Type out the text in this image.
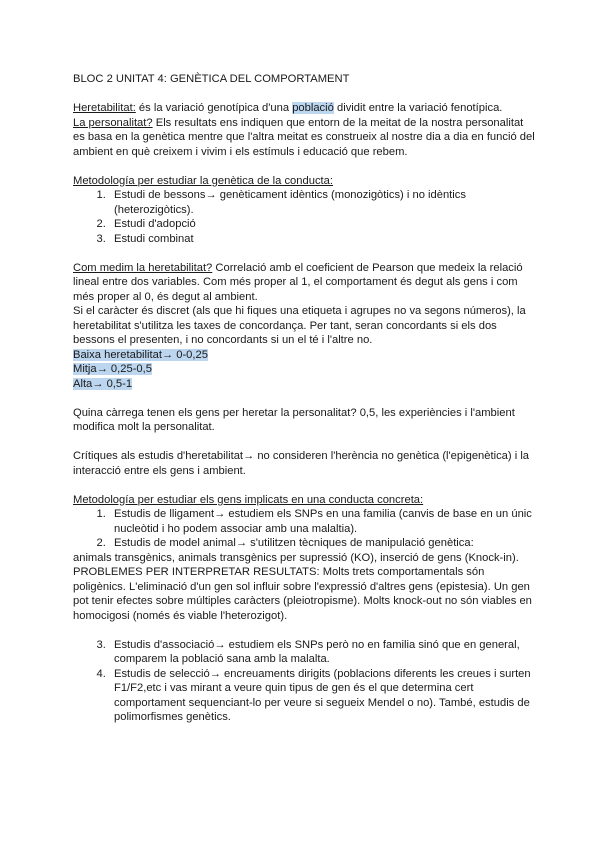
BLOC 2 UNITAT 4: GENÈTICA DEL COMPORTAMENT

Heretabilitat: és la variació genotípica d'una població dividit entre la variació fenotípica.

La personalitat? Els resultats ens indiquen que entorn de la meitat de la nostra personalitat es basa en la genètica mentre que l'altra meitat es construeix al nostre dia a dia en funció del ambient en què creixem i vivim i els estímuls i educació que rebem.

Metodología per estudiar la genètica de la conducta:

1. Estudi de bessons→ genèticament idèntics (monozigòtics) i no idèntics (heterozigòtics).
2. Estudi d'adopció
3. Estudi combinat

Com medim la heretabilitat? Correlació amb el coeficient de Pearson que medeix la relació lineal entre dos variables. Com més proper al 1, el comportament és degut als gens i com més proper al 0, és degut al ambient.

Si el caràcter és discret (als que hi fiques una etiqueta i agrupes no va segons números), la heretabilitat s'utilitza les taxes de concordança. Per tant, seran concordants si els dos bessons el presenten, i no concordants si un el té i l'altre no.

Baixa heretabilitat→ 0-0,25

Mitja→ 0,25-0,5

Alta→ 0,5-1

Quina càrrega tenen els gens per heretar la personalitat? 0,5, les experiències i l'ambient modifica molt la personalitat.

Crítiques als estudis d'heretabilitat→ no consideren l'herència no genètica (l'epigenètica) i la interacció entre els gens i ambient.

Metodología per estudiar els gens implicats en una conducta concreta:

1. Estudis de lligament→ estudiem els SNPs en una familia (canvis de base en un únic nucleòtid i ho podem associar amb una malaltia).
2. Estudis de model animal→ s'utilitzen tècniques de manipulació genètica:

animals transgènics, animals transgènics per supressió (KO), inserció de gens (Knock-in). PROBLEMES PER INTERPRETAR RESULTATS: Molts trets comportamentals són poligènics. L'eliminació d'un gen sol influir sobre l'expressió d'altres gens (epistesia). Un gen pot tenir efectes sobre múltiples caràcters (pleiotropisme). Molts knock-out no són viables en homocigosi (només és viable l'heterozigot).

3. Estudis d'associació→ estudiem els SNPs però no en familia sinó que en general, comparem la població sana amb la malalta.
4. Estudis de selecció→ encreuaments dirigits (poblacions diferents les creues i surten F1/F2,etc i vas mirant a veure quin tipus de gen és el que determina cert comportament sequenciant-lo per veure si segueix Mendel o no). També, estudis de polimorfismes genètics.
